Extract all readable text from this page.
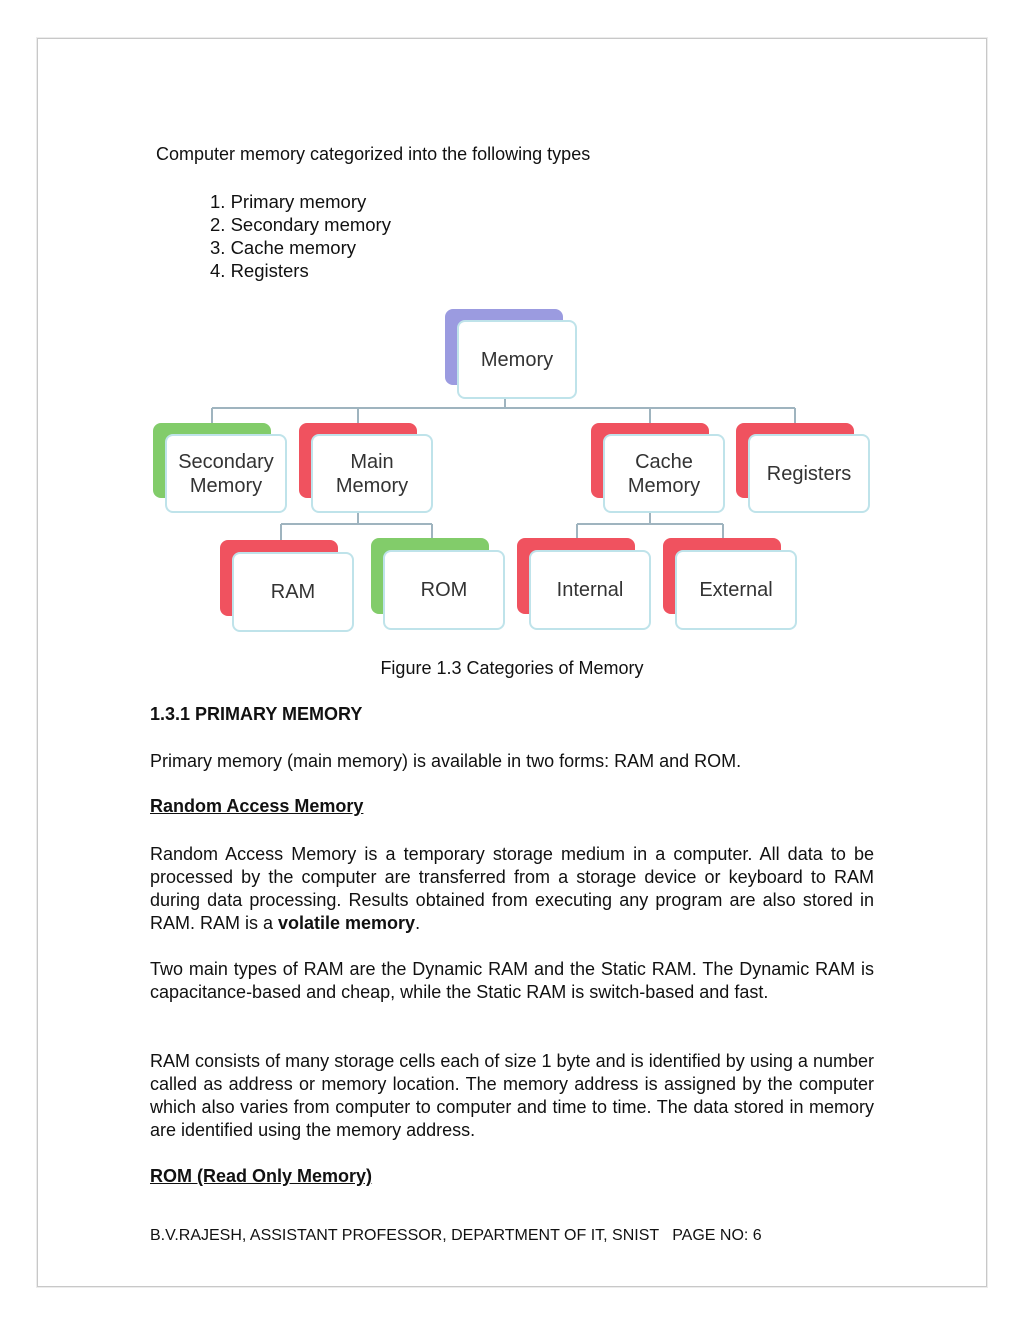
Computer memory categorized into the following types
1. Primary memory
2. Secondary memory
3. Cache memory
4. Registers
Memory
Secondary
Memory
Main
Memory
Cache
Memory
Registers
RAM	ROM	Internal	External
Figure 1.3 Categories of Memory
1.3.1 PRIMARY MEMORY
Primary memory (main memory) is available in two forms: RAM and ROM.
Random Access Memory
Random Access Memory is a temporary storage medium in a computer. All data to be processed by the computer are transferred from a storage device or keyboard to RAM during data processing. Results obtained from executing any program are also stored in RAM. RAM is a volatile memory.
Two main types of RAM are the Dynamic RAM and the Static RAM. The Dynamic RAM is capacitance-based and cheap, while the Static RAM is switch-based and fast.
RAM consists of many storage cells each of size 1 byte and is identified by using a number called as address or memory location. The memory address is assigned by the computer which also varies from computer to computer and time to time. The data stored in memory are identified using the memory address.
ROM (Read Only Memory)
B.V.RAJESH, ASSISTANT PROFESSOR, DEPARTMENT OF IT, SNIST   PAGE NO: 6
